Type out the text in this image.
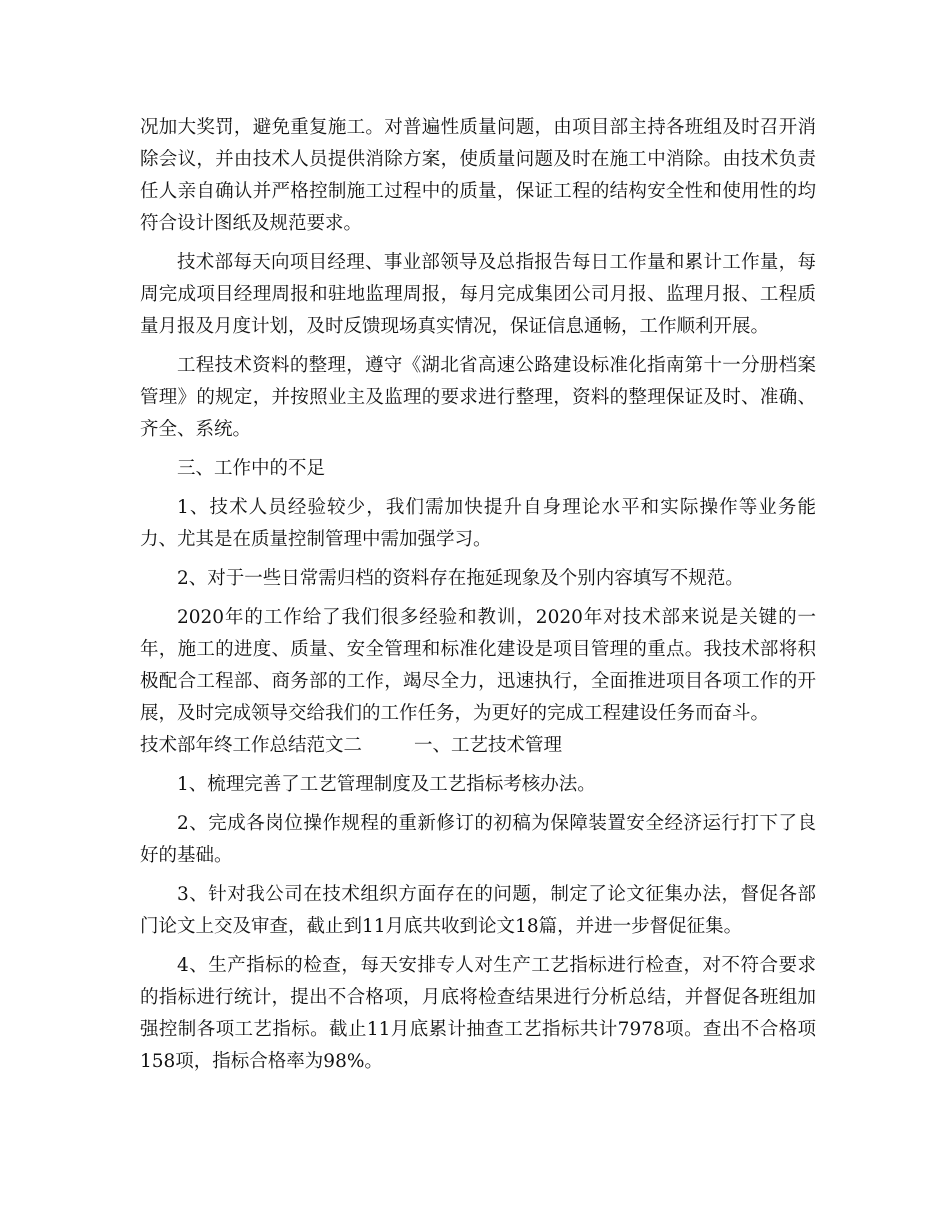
况加大奖罚，避免重复施工。对普遍性质量问题，由项目部主持各班组及时召开消除会议，并由技术人员提供消除方案，使质量问题及时在施工中消除。由技术负责任人亲自确认并严格控制施工过程中的质量，保证工程的结构安全性和使用性的均符合设计图纸及规范要求。

技术部每天向项目经理、事业部领导及总指报告每日工作量和累计工作量，每周完成项目经理周报和驻地监理周报，每月完成集团公司月报、监理月报、工程质量月报及月度计划，及时反馈现场真实情况，保证信息通畅，工作顺利开展。

工程技术资料的整理，遵守《湖北省高速公路建设标准化指南第十一分册档案管理》的规定，并按照业主及监理的要求进行整理，资料的整理保证及时、准确、齐全、系统。

三、工作中的不足

1、技术人员经验较少，我们需加快提升自身理论水平和实际操作等业务能力、尤其是在质量控制管理中需加强学习。

2、对于一些日常需归档的资料存在拖延现象及个别内容填写不规范。

2020年的工作给了我们很多经验和教训，2020年对技术部来说是关键的一年，施工的进度、质量、安全管理和标准化建设是项目管理的重点。我技术部将积极配合工程部、商务部的工作，竭尽全力，迅速执行，全面推进项目各项工作的开展，及时完成领导交给我们的工作任务，为更好的完成工程建设任务而奋斗。

技术部年终工作总结范文二	一、工艺技术管理

1、梳理完善了工艺管理制度及工艺指标考核办法。

2、完成各岗位操作规程的重新修订的初稿为保障装置安全经济运行打下了良好的基础。

3、针对我公司在技术组织方面存在的问题，制定了论文征集办法，督促各部门论文上交及审查，截止到11月底共收到论文18篇，并进一步督促征集。

4、生产指标的检查，每天安排专人对生产工艺指标进行检查，对不符合要求的指标进行统计，提出不合格项，月底将检查结果进行分析总结，并督促各班组加强控制各项工艺指标。截止11月底累计抽查工艺指标共计7978项。查出不合格项158项，指标合格率为98%。
